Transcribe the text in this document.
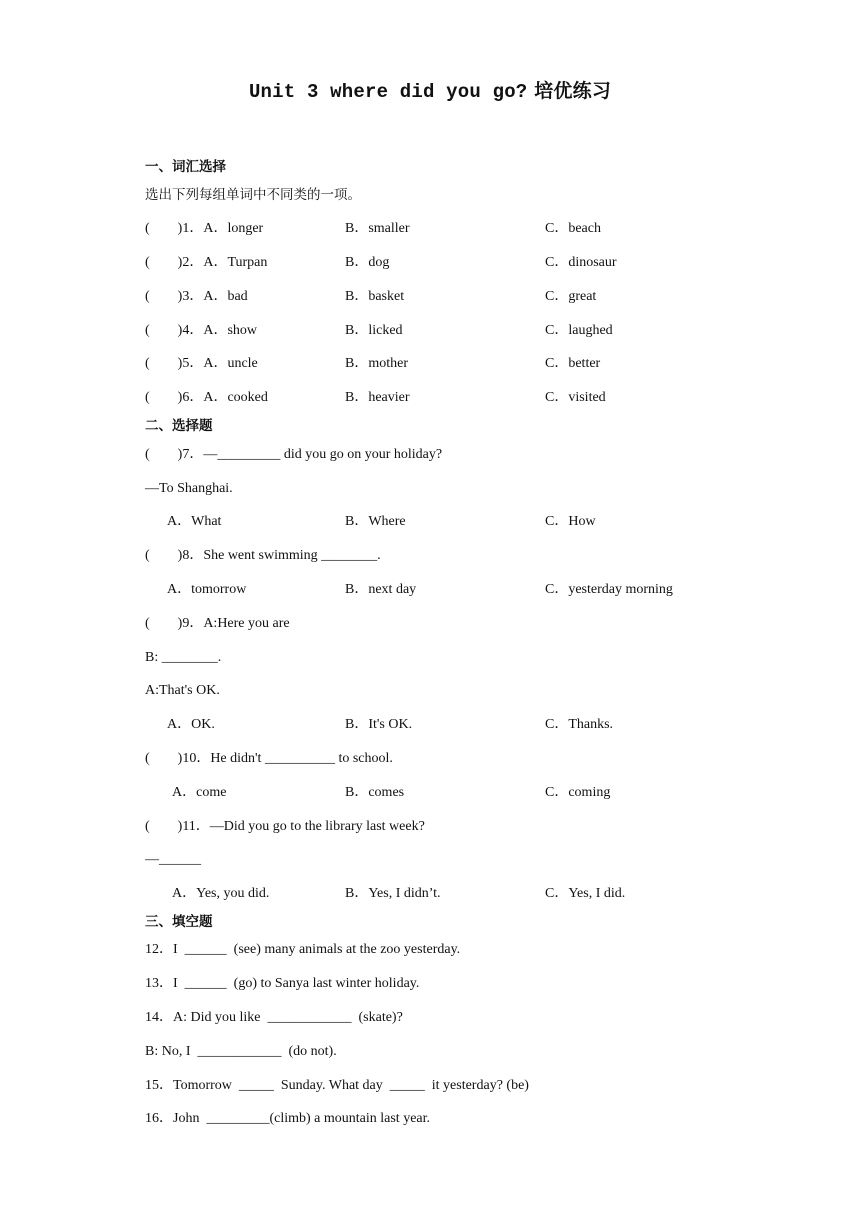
Unit 3 where did you go? 培优练习
一、词汇选择
选出下列每组单词中不同类的一项。
(        )1．A．longer	B．smaller	C．beach
(        )2．A．Turpan	B．dog	C．dinosaur
(        )3．A．bad	B．basket	C．great
(        )4．A．show	B．licked	C．laughed
(        )5．A．uncle	B．mother	C．better
(        )6．A．cooked	B．heavier	C．visited
二、选择题
(        )7．—_________ did you go on your holiday?
—To Shanghai.
A．What	B．Where	C．How
(        )8．She went swimming ________.
A．tomorrow	B．next day	C．yesterday morning
(        )9．A:Here you are
B: ________.
A:That's OK.
A．OK.	B．It's OK.	C．Thanks.
(        )10．He didn't __________ to school.
A．come	B．comes	C．coming
(        )11．—Did you go to the library last week?
—______
A．Yes, you did.	B．Yes, I didn’t.	C．Yes, I did.
三、填空题
12．I  ______  (see) many animals at the zoo yesterday.
13．I  ______  (go) to Sanya last winter holiday.
14．A: Did you like  ____________  (skate)?
B: No, I  ____________  (do not).
15．Tomorrow  _____  Sunday. What day  _____  it yesterday? (be)
16．John  _________(climb) a mountain last year.
